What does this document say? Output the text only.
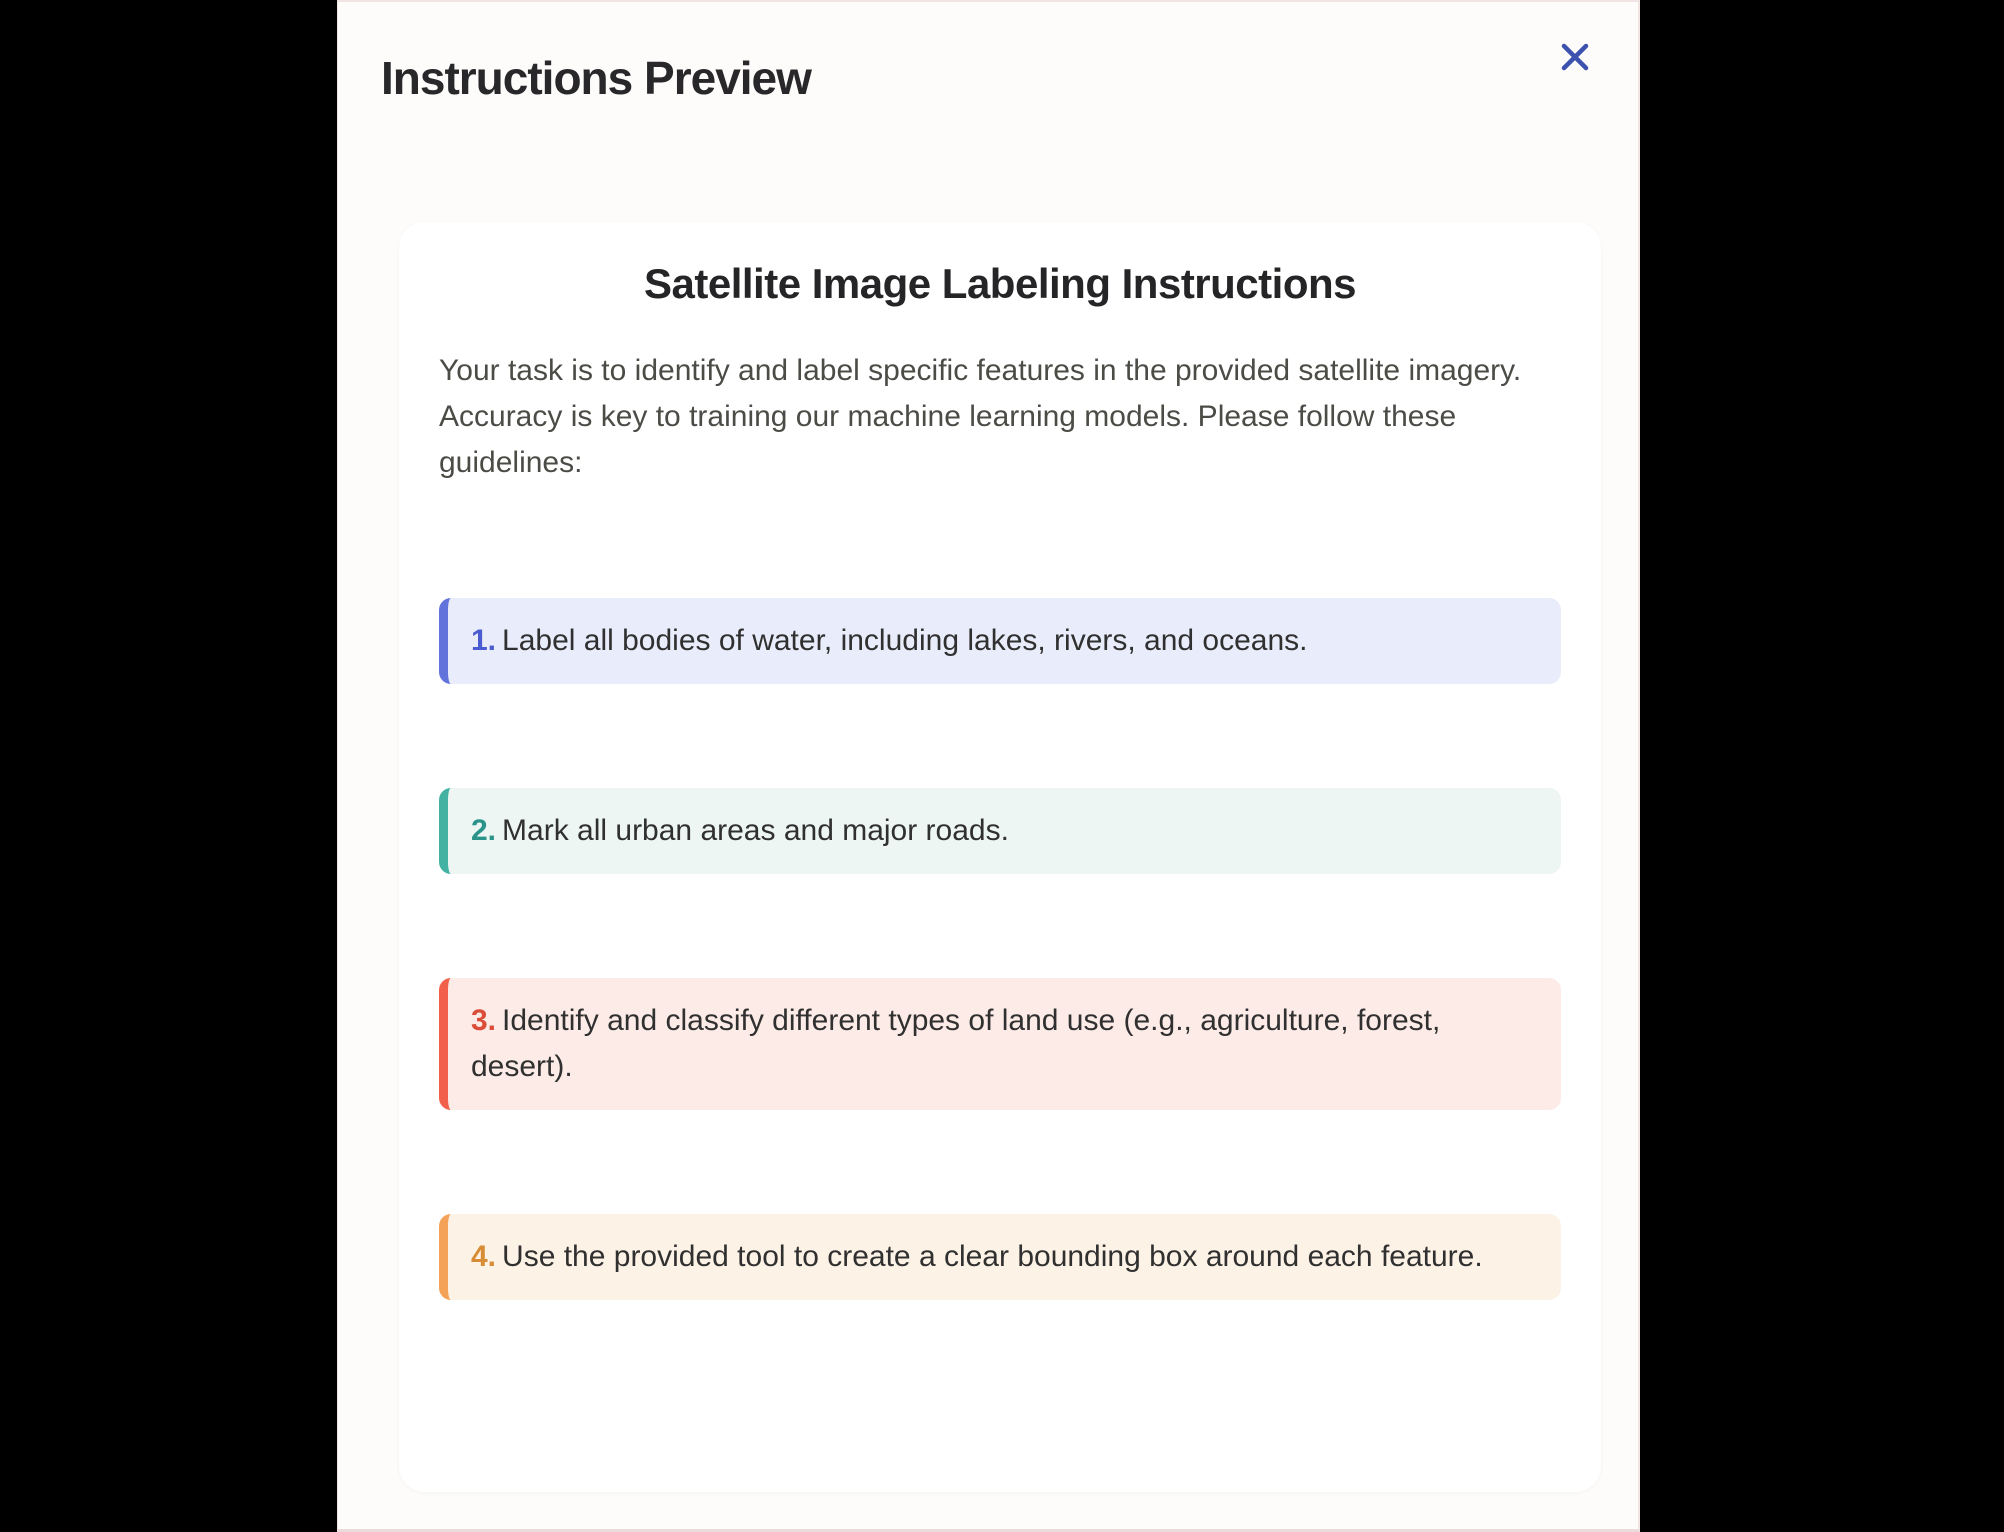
Instructions Preview
Satellite Image Labeling Instructions

Your task is to identify and label specific features in the provided satellite imagery. Accuracy is key to training our machine learning models. Please follow these guidelines:

1. Label all bodies of water, including lakes, rivers, and oceans.
2. Mark all urban areas and major roads.
3. Identify and classify different types of land use (e.g., agriculture, forest, desert).
4. Use the provided tool to create a clear bounding box around each feature.
